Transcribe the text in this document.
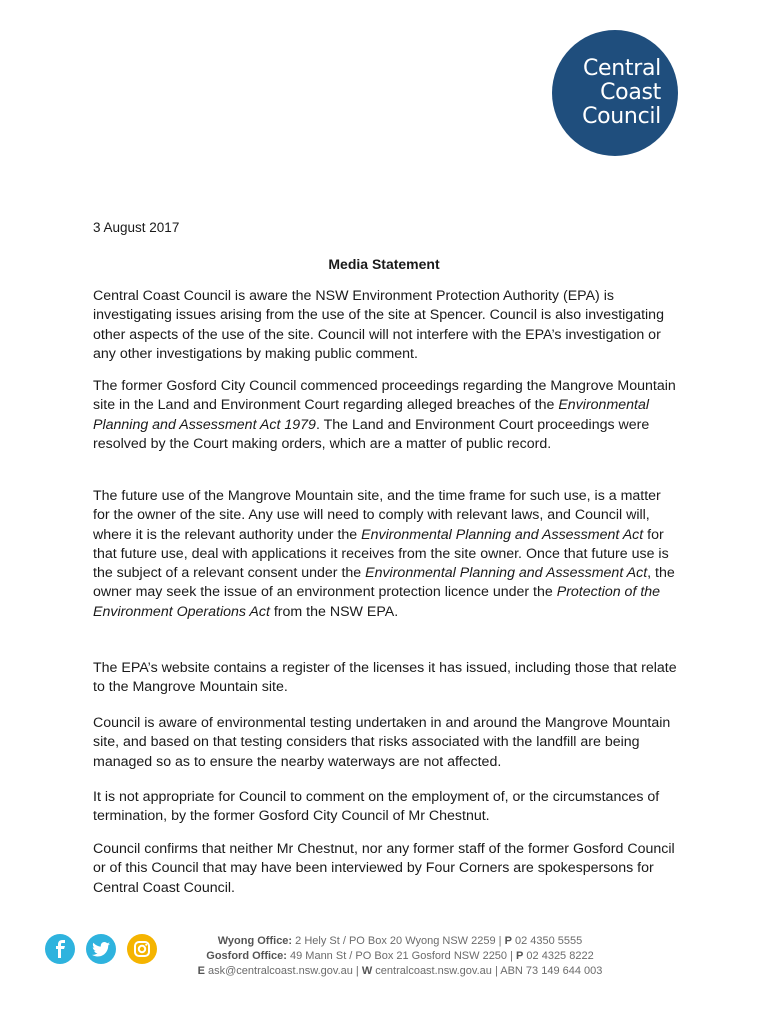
Central
Coast
Council
3 August 2017
Media Statement

Central Coast Council is aware the NSW Environment Protection Authority (EPA) is investigating issues arising from the use of the site at Spencer. Council is also investigating other aspects of the use of the site. Council will not interfere with the EPA’s investigation or any other investigations by making public comment.

The former Gosford City Council commenced proceedings regarding the Mangrove Mountain site in the Land and Environment Court regarding alleged breaches of the Environmental Planning and Assessment Act 1979. The Land and Environment Court proceedings were resolved by the Court making orders, which are a matter of public record.

The future use of the Mangrove Mountain site, and the time frame for such use, is a matter for the owner of the site. Any use will need to comply with relevant laws, and Council will, where it is the relevant authority under the Environmental Planning and Assessment Act for that future use, deal with applications it receives from the site owner. Once that future use is the subject of a relevant consent under the Environmental Planning and Assessment Act, the owner may seek the issue of an environment protection licence under the Protection of the Environment Operations Act from the NSW EPA.

The EPA’s website contains a register of the licenses it has issued, including those that relate to the Mangrove Mountain site.

Council is aware of environmental testing undertaken in and around the Mangrove Mountain site, and based on that testing considers that risks associated with the landfill are being managed so as to ensure the nearby waterways are not affected.

It is not appropriate for Council to comment on the employment of, or the circumstances of termination, by the former Gosford City Council of Mr Chestnut.

Council confirms that neither Mr Chestnut, nor any former staff of the former Gosford Council or of this Council that may have been interviewed by Four Corners are spokespersons for Central Coast Council.

Wyong Office: 2 Hely St / PO Box 20 Wyong NSW 2259 | P 02 4350 5555
Gosford Office: 49 Mann St / PO Box 21 Gosford NSW 2250 | P 02 4325 8222
E ask@centralcoast.nsw.gov.au | W centralcoast.nsw.gov.au | ABN 73 149 644 003
